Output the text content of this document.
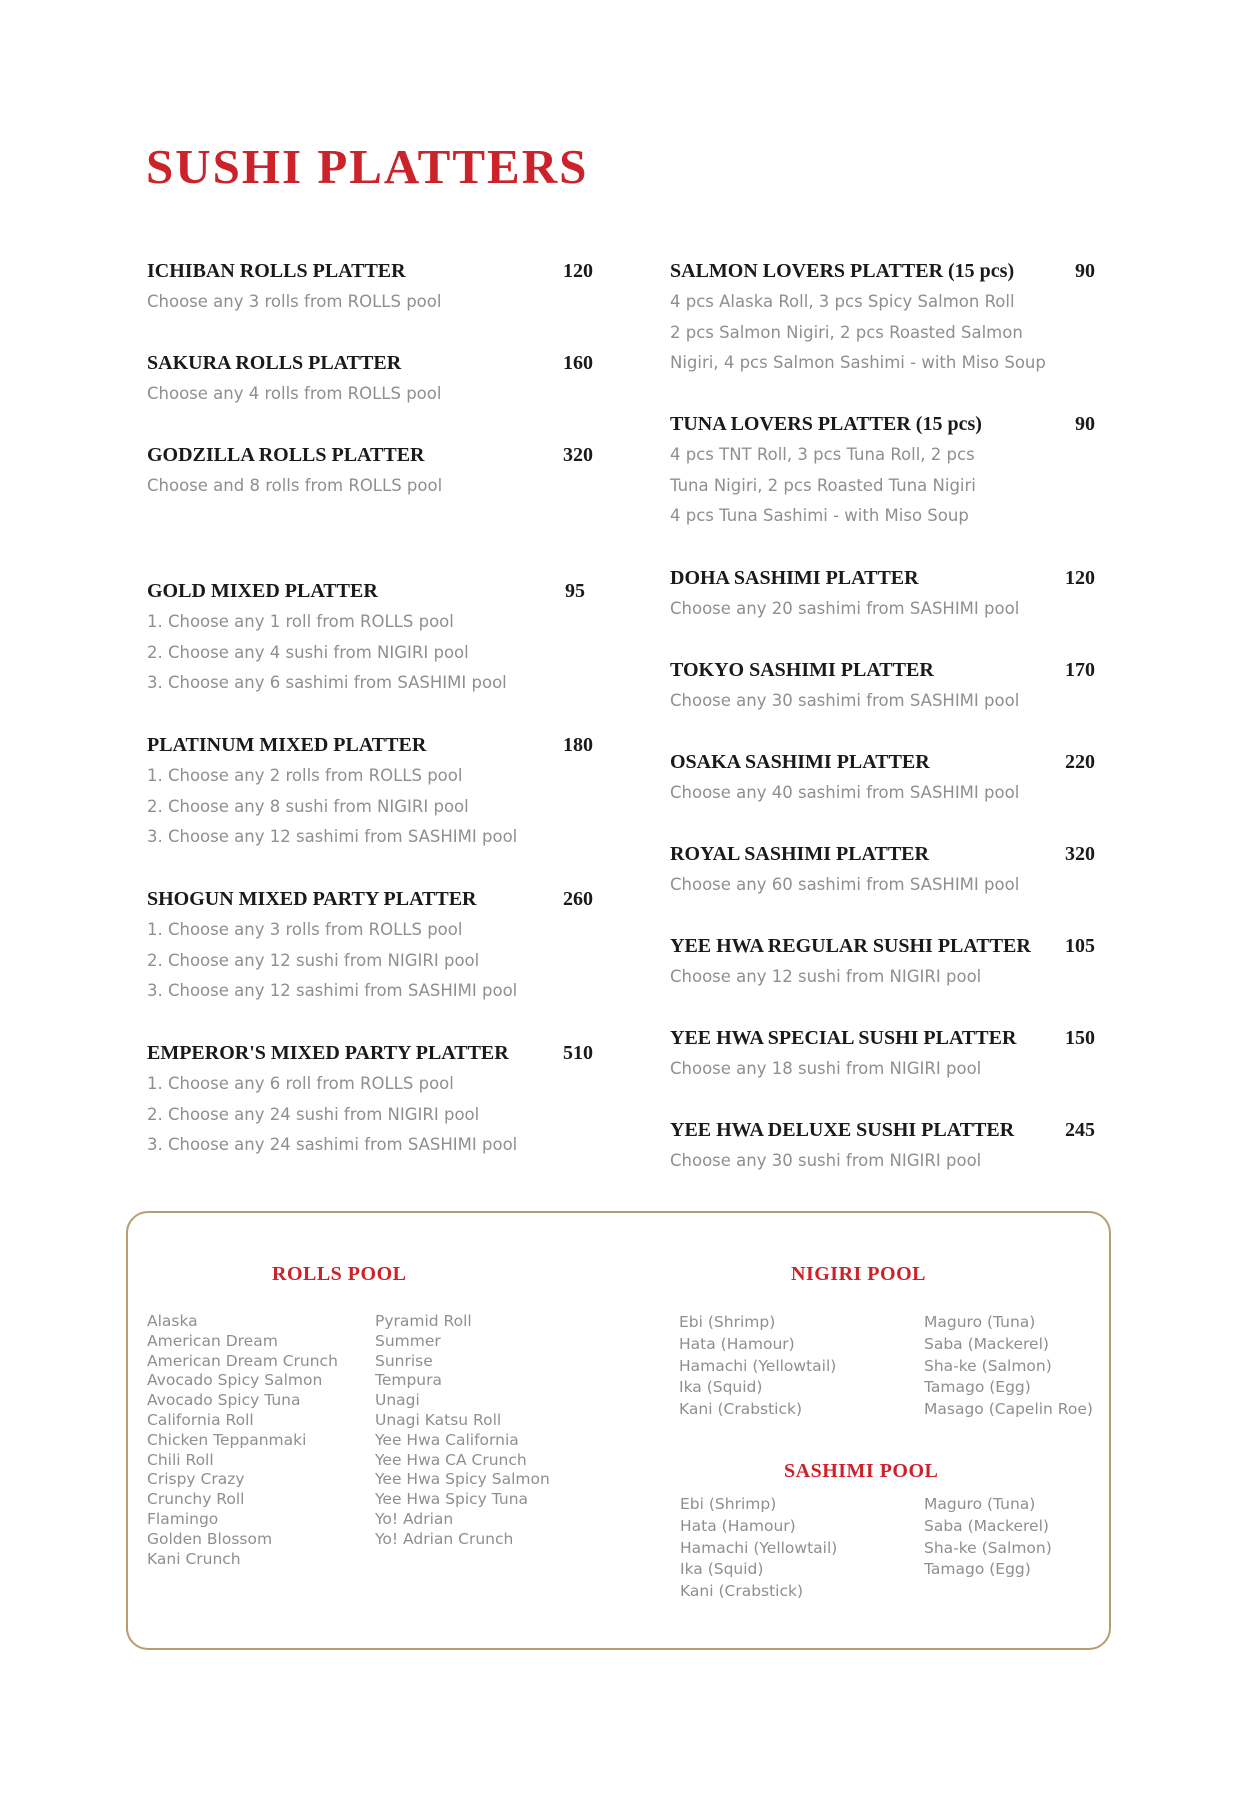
SUSHI PLATTERS
ICHIBAN ROLLS PLATTER	120
Choose any 3 rolls from ROLLS pool
SAKURA ROLLS PLATTER	160
Choose any 4 rolls from ROLLS pool
GODZILLA ROLLS PLATTER	320
Choose and 8 rolls from ROLLS pool
GOLD MIXED PLATTER	95
1. Choose any 1 roll from ROLLS pool
2. Choose any 4 sushi from NIGIRI pool
3. Choose any 6 sashimi from SASHIMI pool
PLATINUM MIXED PLATTER	180
1. Choose any 2 rolls from ROLLS pool
2. Choose any 8 sushi from NIGIRI pool
3. Choose any 12 sashimi from SASHIMI pool
SHOGUN MIXED PARTY PLATTER	260
1. Choose any 3 rolls from ROLLS pool
2. Choose any 12 sushi from NIGIRI pool
3. Choose any 12 sashimi from SASHIMI pool
EMPEROR'S MIXED PARTY PLATTER	510
1. Choose any 6 roll from ROLLS pool
2. Choose any 24 sushi from NIGIRI pool
3. Choose any 24 sashimi from SASHIMI pool
SALMON LOVERS PLATTER (15 pcs)	90
4 pcs Alaska Roll, 3 pcs Spicy Salmon Roll
2 pcs Salmon Nigiri, 2 pcs Roasted Salmon
Nigiri, 4 pcs Salmon Sashimi - with Miso Soup
TUNA LOVERS PLATTER (15 pcs)	90
4 pcs TNT Roll, 3 pcs Tuna Roll, 2 pcs
Tuna Nigiri, 2 pcs Roasted Tuna Nigiri
4 pcs Tuna Sashimi - with Miso Soup
DOHA SASHIMI PLATTER	120
Choose any 20 sashimi from SASHIMI pool
TOKYO SASHIMI PLATTER	170
Choose any 30 sashimi from SASHIMI pool
OSAKA SASHIMI PLATTER	220
Choose any 40 sashimi from SASHIMI pool
ROYAL SASHIMI PLATTER	320
Choose any 60 sashimi from SASHIMI pool
YEE HWA REGULAR SUSHI PLATTER 105
Choose any 12 sushi from NIGIRI pool
YEE HWA SPECIAL SUSHI PLATTER 150
Choose any 18 sushi from NIGIRI pool
YEE HWA DELUXE SUSHI PLATTER	245
Choose any 30 sushi from NIGIRI pool
ROLLS POOL
Alaska
American Dream
American Dream Crunch
Avocado Spicy Salmon
Avocado Spicy Tuna
California Roll
Chicken Teppanmaki
Chili Roll
Crispy Crazy
Crunchy Roll
Flamingo
Golden Blossom
Kani Crunch
Pyramid Roll
Summer
Sunrise
Tempura
Unagi
Unagi Katsu Roll
Yee Hwa California
Yee Hwa CA Crunch
Yee Hwa Spicy Salmon
Yee Hwa Spicy Tuna
Yo! Adrian
Yo! Adrian Crunch
NIGIRI POOL
Ebi (Shrimp)
Hata (Hamour)
Hamachi (Yellowtail)
Ika (Squid)
Kani (Crabstick)
Maguro (Tuna)
Saba (Mackerel)
Sha-ke (Salmon)
Tamago (Egg)
Masago (Capelin Roe)
SASHIMI POOL
Ebi (Shrimp)
Hata (Hamour)
Hamachi (Yellowtail)
Ika (Squid)
Kani (Crabstick)
Maguro (Tuna)
Saba (Mackerel)
Sha-ke (Salmon)
Tamago (Egg)
